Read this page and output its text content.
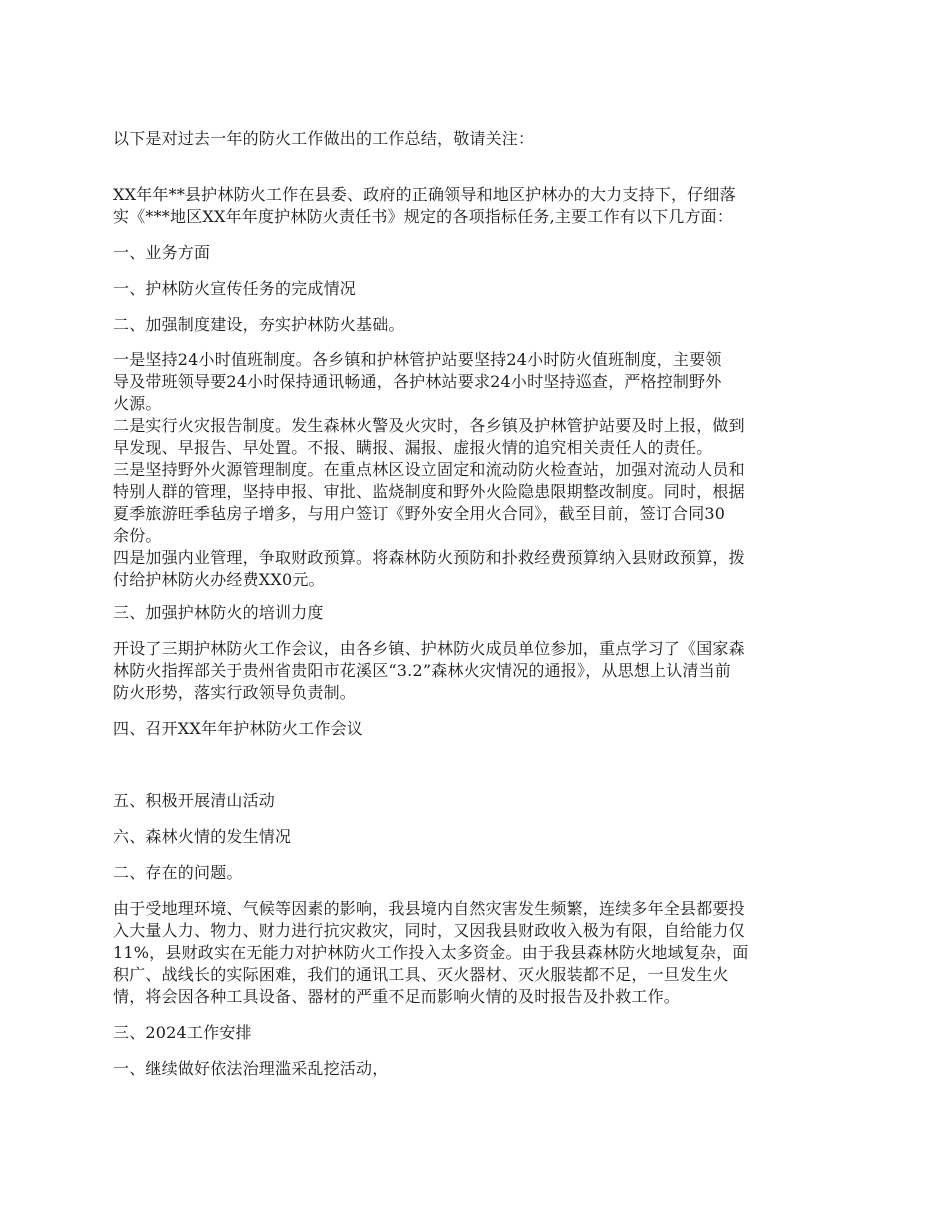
以下是对过去一年的防火工作做出的工作总结，敬请关注：

XX年年**县护林防火工作在县委、政府的正确领导和地区护林办的大力支持下，仔细落
实《***地区XX年年度护林防火责任书》规定的各项指标任务,主要工作有以下几方面：

一、业务方面

一、护林防火宣传任务的完成情况

二、加强制度建设，夯实护林防火基础。

一是坚持24小时值班制度。各乡镇和护林管护站要坚持24小时防火值班制度，主要领
导及带班领导要24小时保持通讯畅通，各护林站要求24小时坚持巡查，严格控制野外
火源。
二是实行火灾报告制度。发生森林火警及火灾时，各乡镇及护林管护站要及时上报，做到
早发现、早报告、早处置。不报、瞒报、漏报、虚报火情的追究相关责任人的责任。
三是坚持野外火源管理制度。在重点林区设立固定和流动防火检查站，加强对流动人员和
特别人群的管理，坚持申报、审批、监烧制度和野外火险隐患限期整改制度。同时，根据
夏季旅游旺季毡房子增多，与用户签订《野外安全用火合同》，截至目前，签订合同30
余份。
四是加强内业管理，争取财政预算。将森林防火预防和扑救经费预算纳入县财政预算，拨
付给护林防火办经费XX0元。

三、加强护林防火的培训力度

开设了三期护林防火工作会议，由各乡镇、护林防火成员单位参加，重点学习了《国家森
林防火指挥部关于贵州省贵阳市花溪区“3.2”森林火灾情况的通报》，从思想上认清当前
防火形势，落实行政领导负责制。

四、召开XX年年护林防火工作会议

五、积极开展清山活动

六、森林火情的发生情况

二、存在的问题。

由于受地理环境、气候等因素的影响，我县境内自然灾害发生频繁，连续多年全县都要投
入大量人力、物力、财力进行抗灾救灾，同时，又因我县财政收入极为有限，自给能力仅
11%，县财政实在无能力对护林防火工作投入太多资金。由于我县森林防火地域复杂，面
积广、战线长的实际困难，我们的通讯工具、灭火器材、灭火服装都不足，一旦发生火
情，将会因各种工具设备、器材的严重不足而影响火情的及时报告及扑救工作。

三、2024工作安排

一、继续做好依法治理滥采乱挖活动，
